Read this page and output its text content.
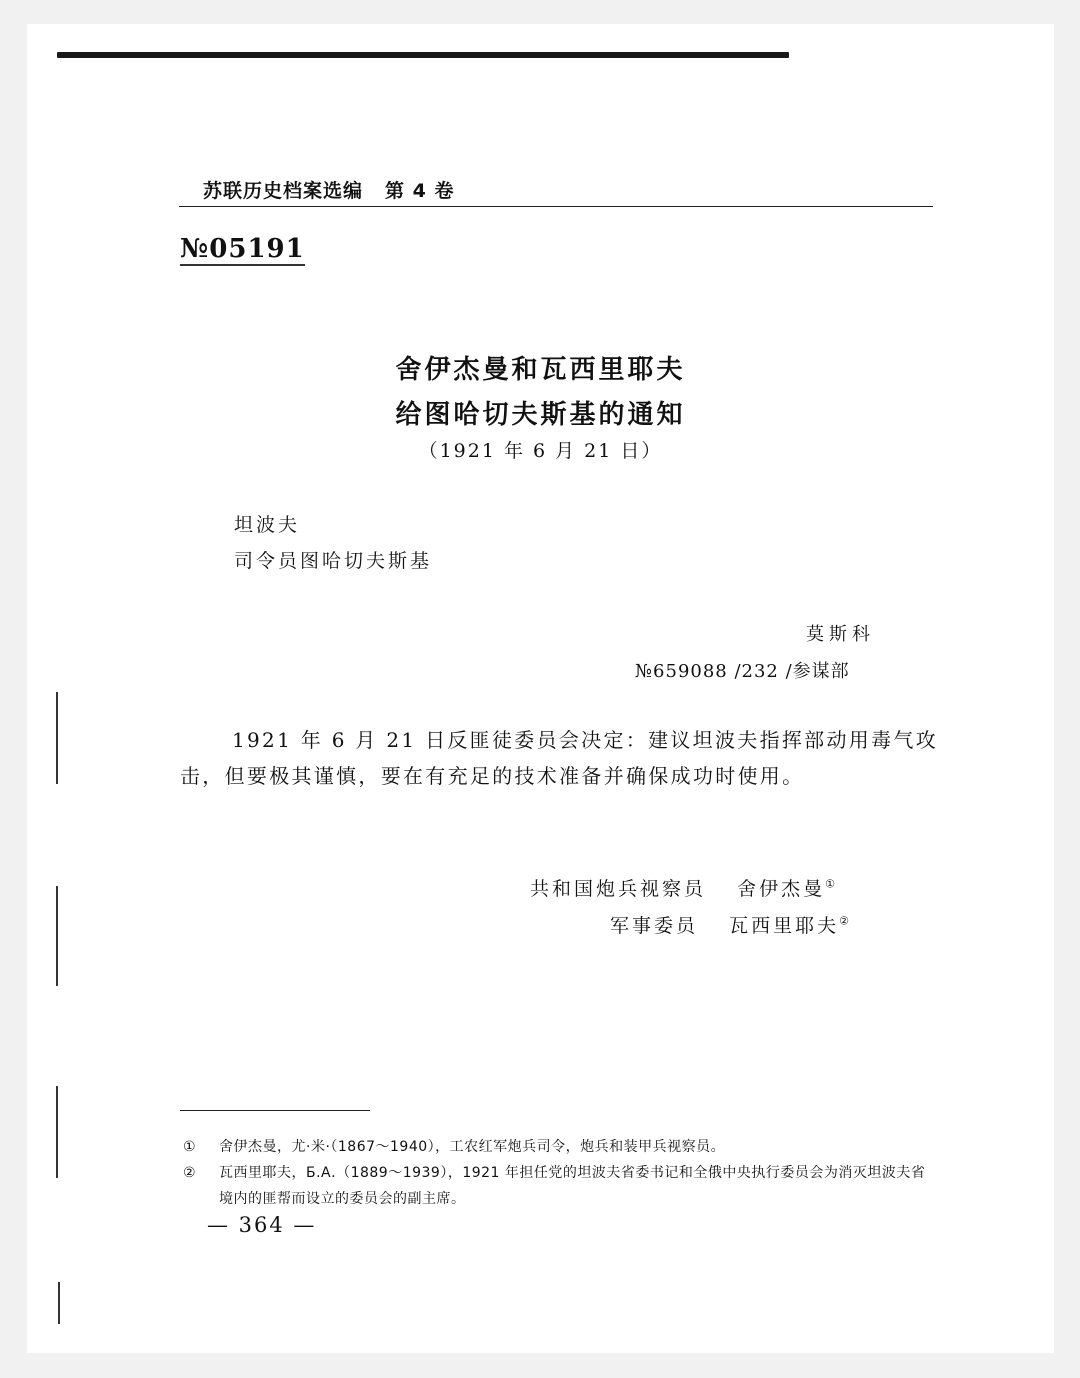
苏联历史档案选编 第 4 卷
№05191
舍伊杰曼和瓦西里耶夫
给图哈切夫斯基的通知
（1921 年 6 月 21 日）
坦波夫
司令员图哈切夫斯基
莫斯科
№659088 /232 /参谋部
1921 年 6 月 21 日反匪徒委员会决定：建议坦波夫指挥部动用毒气攻击，但要极其谨慎，要在有充足的技术准备并确保成功时使用。
共和国炮兵视察员 舍伊杰曼①
军事委员 瓦西里耶夫②
① 舍伊杰曼，尤·米·（1867～1940），工农红军炮兵司令，炮兵和装甲兵视察员。
② 瓦西里耶夫，Б.А.（1889～1939），1921 年担任党的坦波夫省委书记和全俄中央执行委员会为消灭坦波夫省境内的匪帮而设立的委员会的副主席。
— 364 —
